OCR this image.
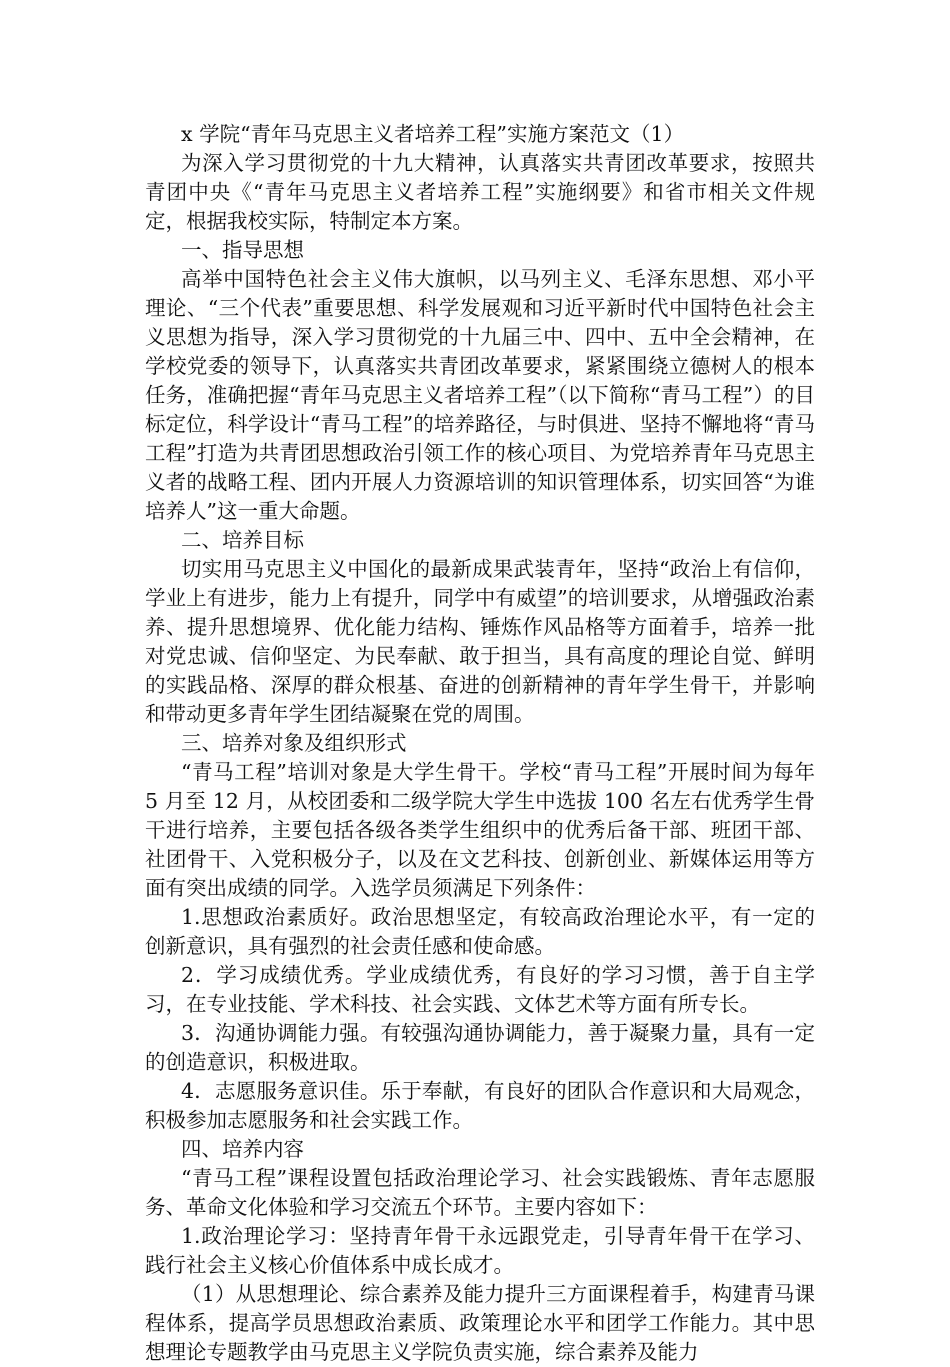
x 学院“青年马克思主义者培养工程”实施方案范文（1）

为深入学习贯彻党的十九大精神，认真落实共青团改革要求，按照共青团中央《“青年马克思主义者培养工程”实施纲要》和省市相关文件规定，根据我校实际，特制定本方案。

一、指导思想

高举中国特色社会主义伟大旗帜，以马列主义、毛泽东思想、邓小平理论、“三个代表”重要思想、科学发展观和习近平新时代中国特色社会主义思想为指导，深入学习贯彻党的十九届三中、四中、五中全会精神，在学校党委的领导下，认真落实共青团改革要求，紧紧围绕立德树人的根本任务，准确把握“青年马克思主义者培养工程”（以下简称“青马工程”）的目标定位，科学设计“青马工程”的培养路径，与时俱进、坚持不懈地将“青马工程”打造为共青团思想政治引领工作的核心项目、为党培养青年马克思主义者的战略工程、团内开展人力资源培训的知识管理体系，切实回答“为谁培养人”这一重大命题。

二、培养目标

切实用马克思主义中国化的最新成果武装青年，坚持“政治上有信仰，学业上有进步，能力上有提升，同学中有威望”的培训要求，从增强政治素养、提升思想境界、优化能力结构、锤炼作风品格等方面着手，培养一批对党忠诚、信仰坚定、为民奉献、敢于担当，具有高度的理论自觉、鲜明的实践品格、深厚的群众根基、奋进的创新精神的青年学生骨干，并影响和带动更多青年学生团结凝聚在党的周围。

三、培养对象及组织形式

“青马工程”培训对象是大学生骨干。学校“青马工程”开展时间为每年 5 月至 12 月，从校团委和二级学院大学生中选拔 100 名左右优秀学生骨干进行培养，主要包括各级各类学生组织中的优秀后备干部、班团干部、社团骨干、入党积极分子，以及在文艺科技、创新创业、新媒体运用等方面有突出成绩的同学。入选学员须满足下列条件：

1.思想政治素质好。政治思想坚定，有较高政治理论水平，有一定的创新意识，具有强烈的社会责任感和使命感。

2．学习成绩优秀。学业成绩优秀，有良好的学习习惯，善于自主学习，在专业技能、学术科技、社会实践、文体艺术等方面有所专长。

3．沟通协调能力强。有较强沟通协调能力，善于凝聚力量，具有一定的创造意识，积极进取。

4．志愿服务意识佳。乐于奉献，有良好的团队合作意识和大局观念，积极参加志愿服务和社会实践工作。

四、培养内容

“青马工程”课程设置包括政治理论学习、社会实践锻炼、青年志愿服务、革命文化体验和学习交流五个环节。主要内容如下：

1.政治理论学习：坚持青年骨干永远跟党走，引导青年骨干在学习、践行社会主义核心价值体系中成长成才。

（1）从思想理论、综合素养及能力提升三方面课程着手，构建青马课程体系，提高学员思想政治素质、政策理论水平和团学工作能力。其中思想理论专题教学由马克思主义学院负责实施，综合素养及能力
